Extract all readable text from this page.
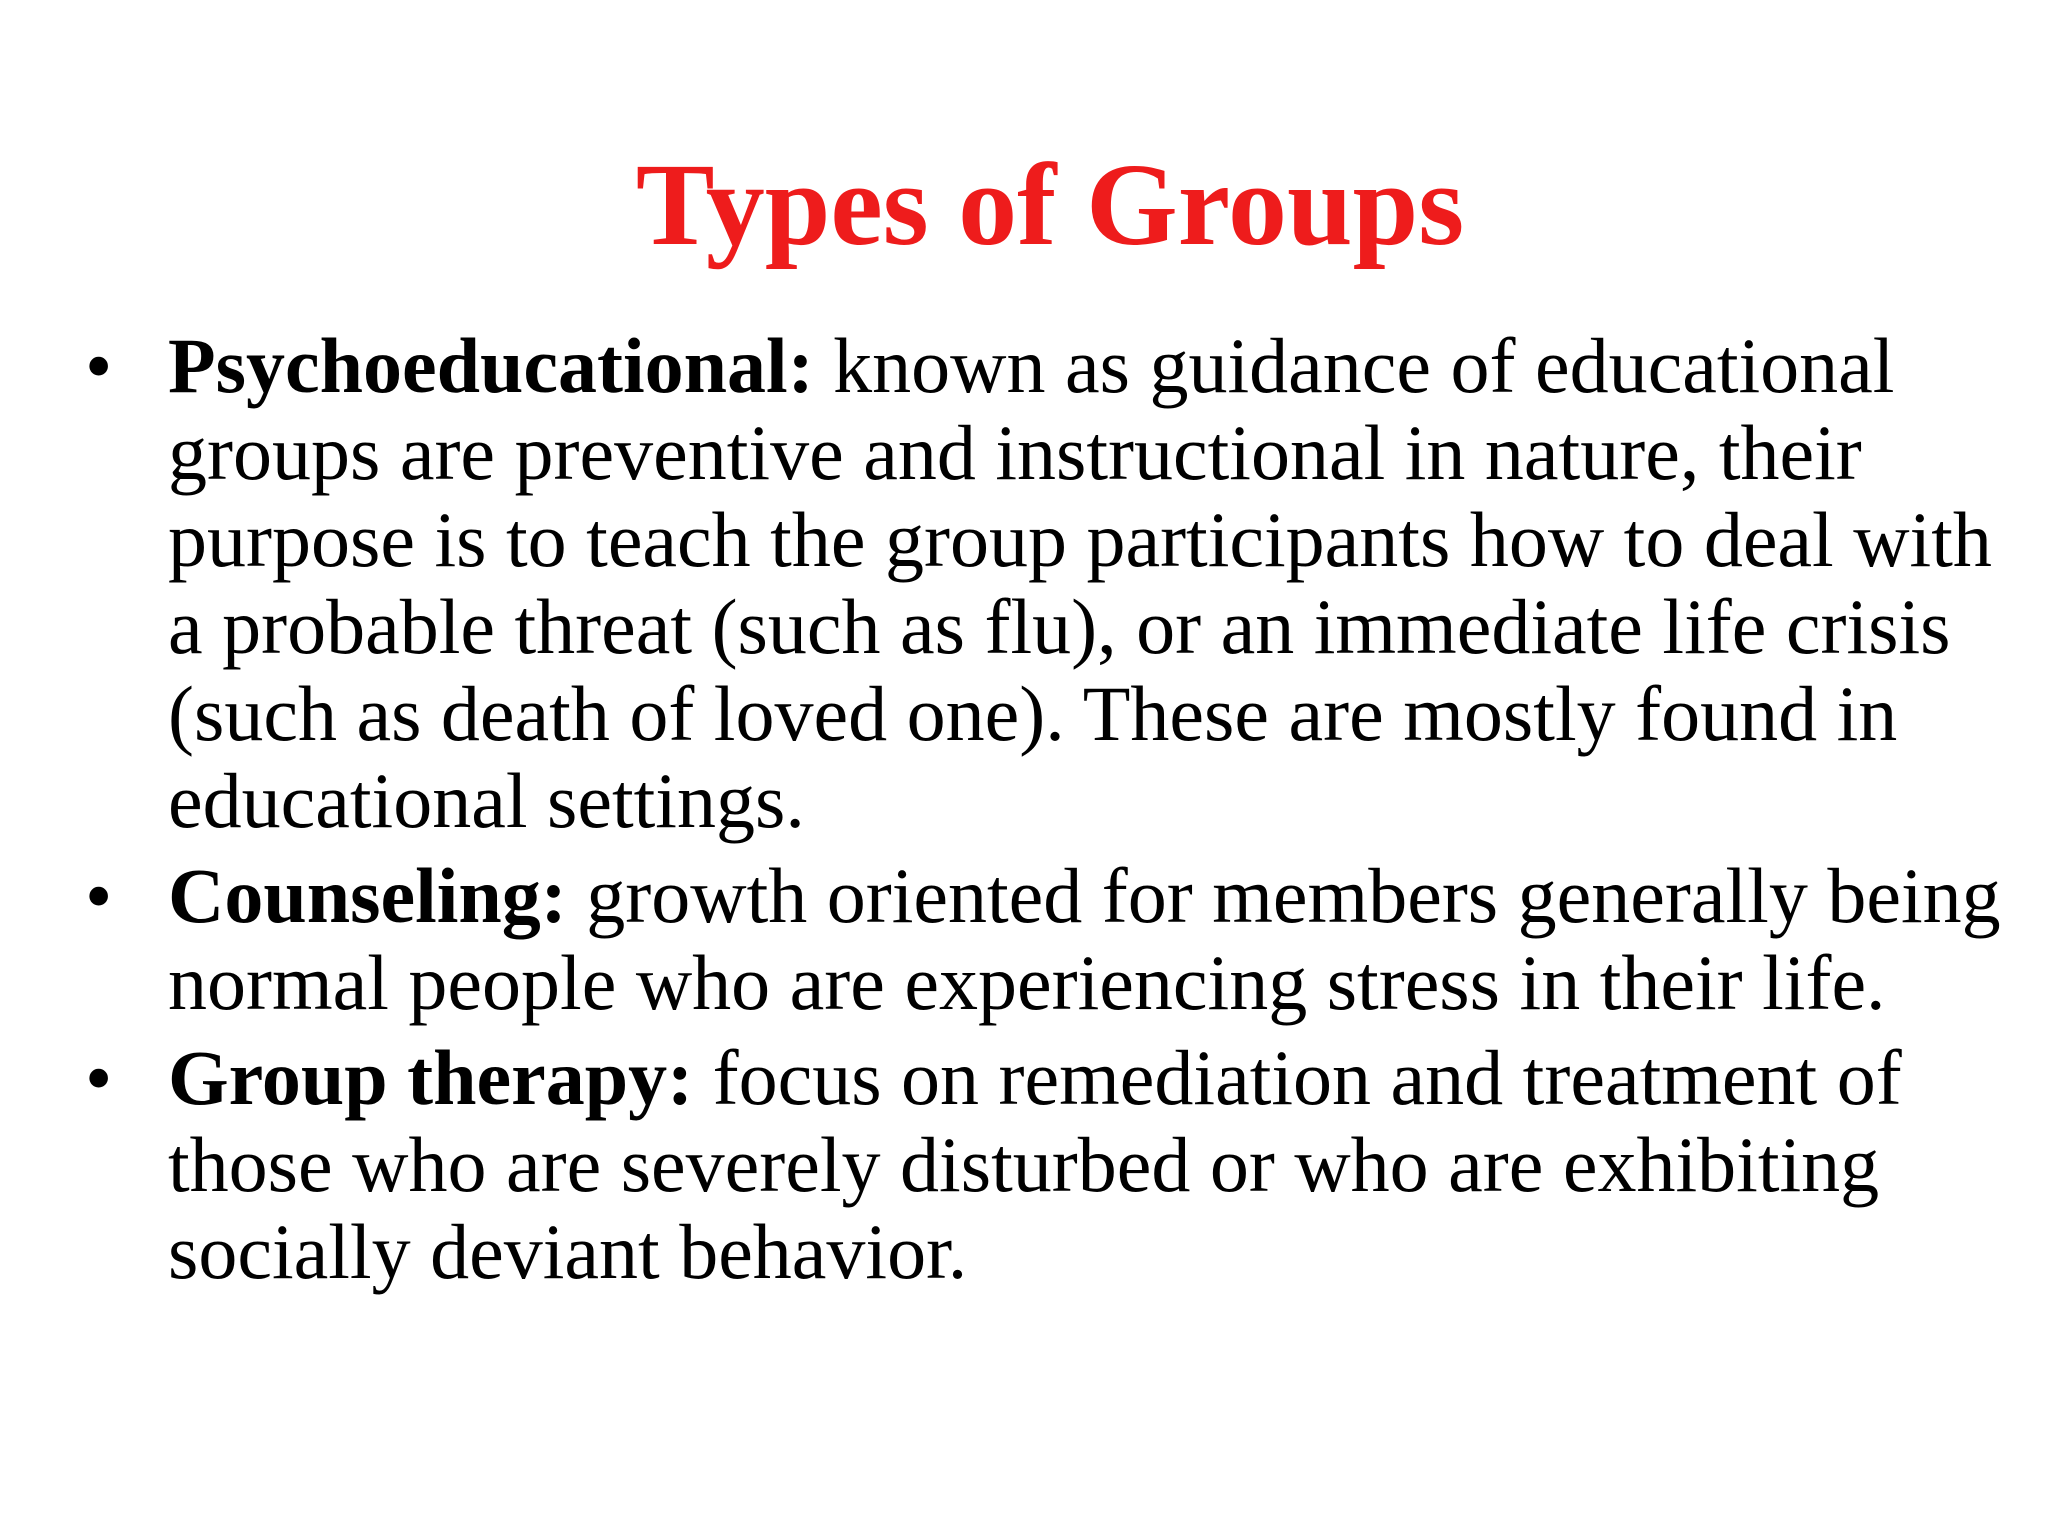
Types of Groups
• Psychoeducational: known as guidance of educational groups are preventive and instructional in nature, their purpose is to teach the group participants how to deal with a probable threat (such as flu), or an immediate life crisis (such as death of loved one). These are mostly found in educational settings.
• Counseling: growth oriented for members generally being normal people who are experiencing stress in their life.
• Group therapy: focus on remediation and treatment of those who are severely disturbed or who are exhibiting socially deviant behavior.
